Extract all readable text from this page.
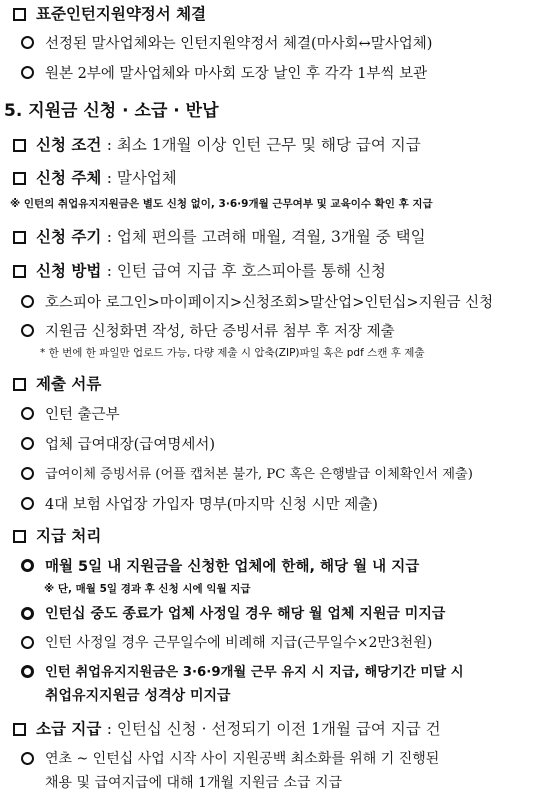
표준인턴지원약정서 체결
선정된 말사업체와는 인턴지원약정서 체결(마사회↔말사업체)
원본 2부에 말사업체와 마사회 도장 날인 후 각각 1부씩 보관
5. 지원금 신청 · 소급 · 반납
신청 조건 : 최소 1개월 이상 인턴 근무 및 해당 급여 지급
신청 주체 : 말사업체
※ 인턴의 취업유지지원금은 별도 신청 없이, 3·6·9개월 근무여부 및 교육이수 확인 후 지급
신청 주기 : 업체 편의를 고려해 매월, 격월, 3개월 중 택일
신청 방법 : 인턴 급여 지급 후 호스피아를 통해 신청
호스피아 로그인>마이페이지>신청조회>말산업>인턴십>지원금 신청
지원금 신청화면 작성, 하단 증빙서류 첨부 후 저장 제출
* 한 번에 한 파일만 업로드 가능, 다량 제출 시 압축(ZIP)파일 혹은 pdf 스캔 후 제출
제출 서류
인턴 출근부
업체 급여대장(급여명세서)
급여이체 증빙서류 (어플 캡처본 불가, PC 혹은 은행발급 이체확인서 제출)
4대 보험 사업장 가입자 명부(마지막 신청 시만 제출)
지급 처리
매월 5일 내 지원금을 신청한 업체에 한해, 해당 월 내 지급
※ 단, 매월 5일 경과 후 신청 시에 익월 지급
인턴십 중도 종료가 업체 사정일 경우 해당 월 업체 지원금 미지급
인턴 사정일 경우 근무일수에 비례해 지급(근무일수×2만3천원)
인턴 취업유지지원금은 3·6·9개월 근무 유지 시 지급, 해당기간 미달 시
취업유지지원금 성격상 미지급
소급 지급 : 인턴십 신청 · 선정되기 이전 1개월 급여 지급 건
연초 ~ 인턴십 사업 시작 사이 지원공백 최소화를 위해 기 진행된
채용 및 급여지급에 대해 1개월 지원금 소급 지급
